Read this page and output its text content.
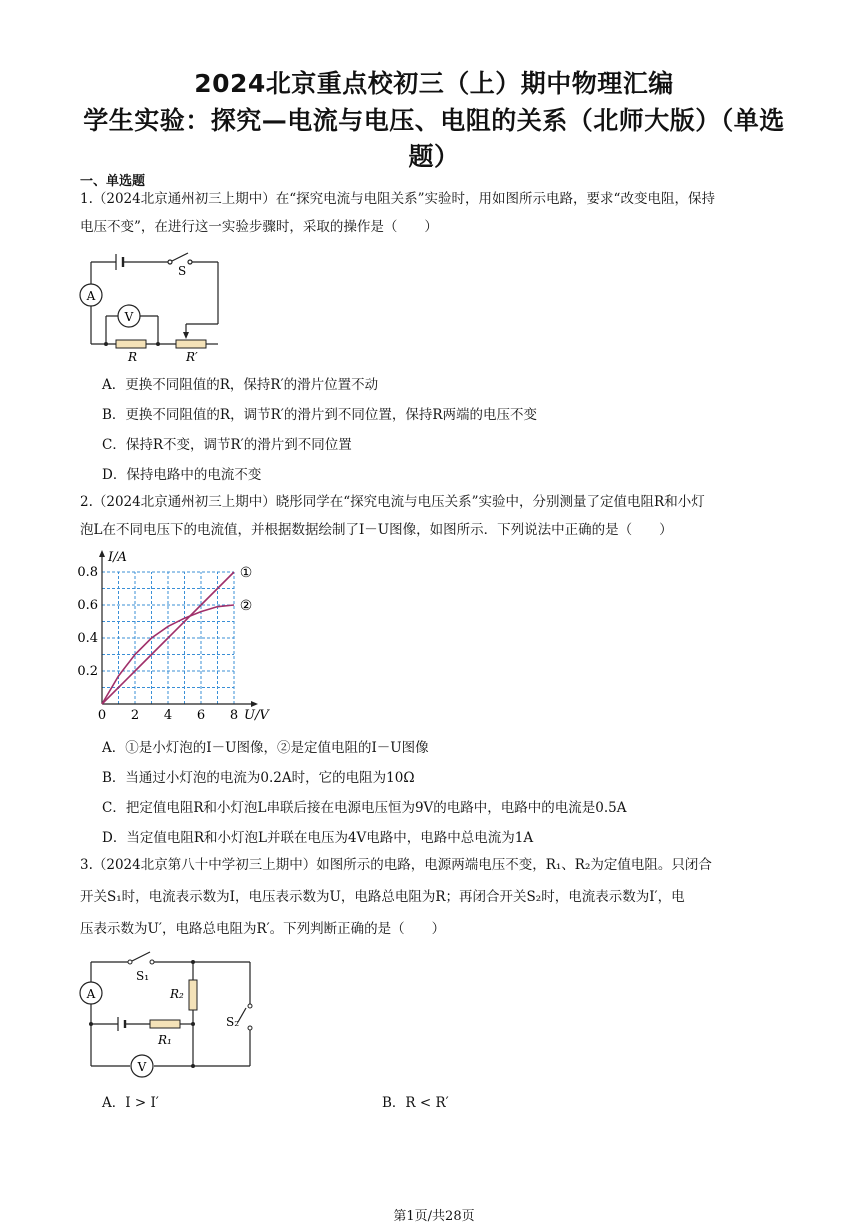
2024北京重点校初三（上）期中物理汇编
学生实验：探究—电流与电压、电阻的关系（北师大版）（单选
题）
一、单选题
1.（2024北京通州初三上期中）在“探究电流与电阻关系”实验时，用如图所示电路，要求“改变电阻，保持
电压不变”，在进行这一实验步骤时，采取的操作是（　　）
A
V
S
R	R′
A．更换不同阻值的R，保持R′的滑片位置不动
B．更换不同阻值的R，调节R′的滑片到不同位置，保持R两端的电压不变
C．保持R不变，调节R′的滑片到不同位置
D．保持电路中的电流不变
2.（2024北京通州初三上期中）晓彤同学在“探究电流与电压关系”实验中，分别测量了定值电阻R和小灯
泡L在不同电压下的电流值，并根据数据绘制了I－U图像，如图所示．下列说法中正确的是（　　）
0 2 4 6 8
0.2
0.4
0.6
0.8	①
②
I/A
U/V
A．①是小灯泡的I－U图像，②是定值电阻的I－U图像
B．当通过小灯泡的电流为0.2A时，它的电阻为10Ω
C．把定值电阻R和小灯泡L串联后接在电源电压恒为9V的电路中，电路中的电流是0.5A
D．当定值电阻R和小灯泡L并联在电压为4V电路中，电路中总电流为1A
3.（2024北京第八十中学初三上期中）如图所示的电路，电源两端电压不变，R₁、R₂为定值电阻。只闭合
开关S₁时，电流表示数为I，电压表示数为U，电路总电阻为R；再闭合开关S₂时，电流表示数为I′，电
压表示数为U′，电路总电阻为R′。下列判断正确的是（　　）
A
V
S₁
R₂
S₂
R₁
A．I > I′	B．R < R′
第1页/共28页
